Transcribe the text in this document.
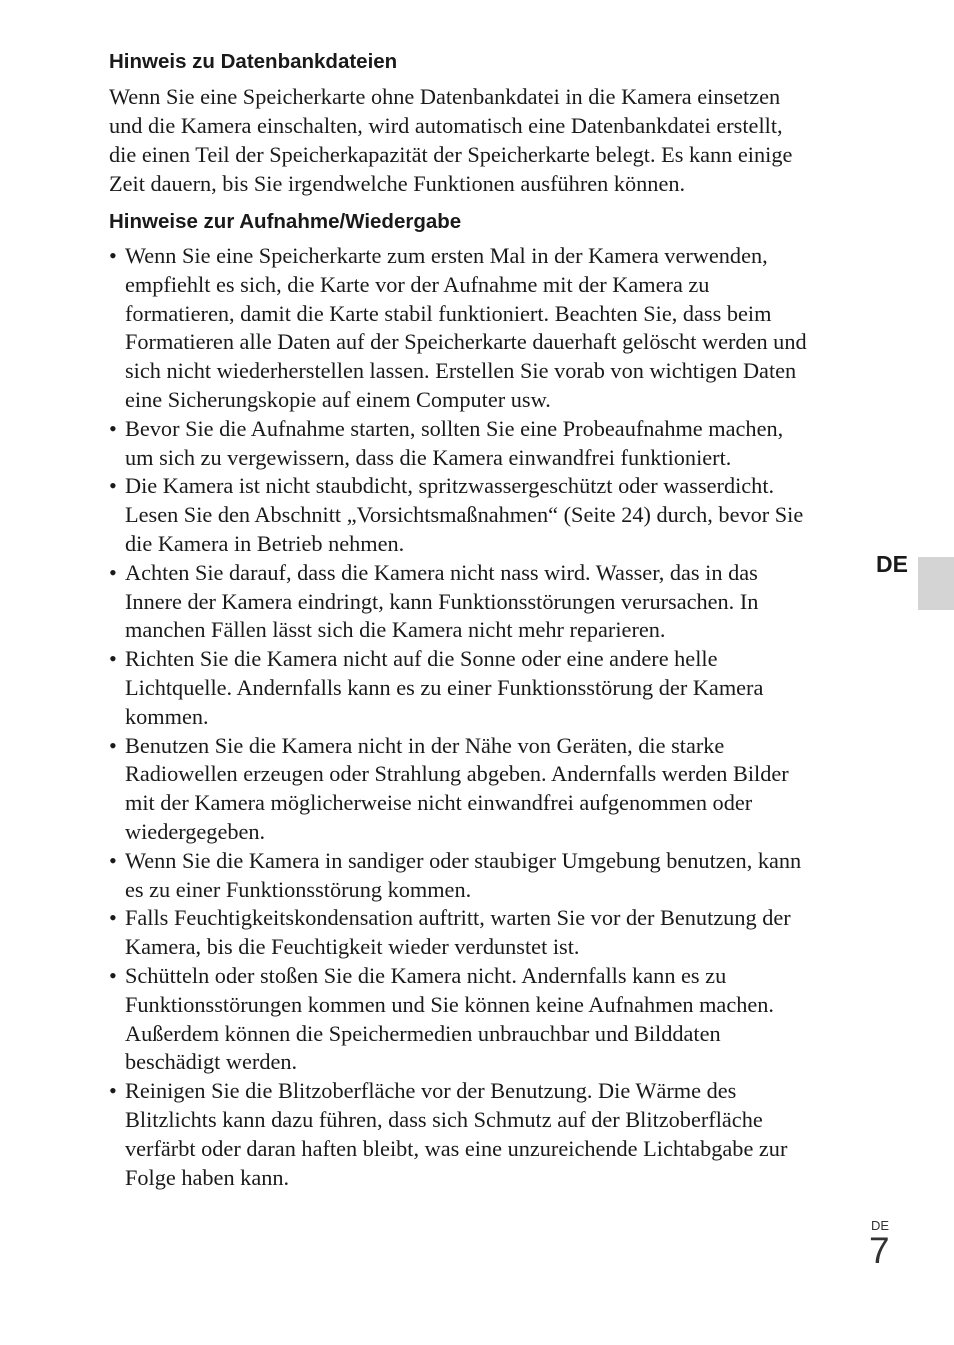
Hinweis zu Datenbankdateien
Wenn Sie eine Speicherkarte ohne Datenbankdatei in die Kamera einsetzen
und die Kamera einschalten, wird automatisch eine Datenbankdatei erstellt,
die einen Teil der Speicherkapazität der Speicherkarte belegt. Es kann einige
Zeit dauern, bis Sie irgendwelche Funktionen ausführen können.
Hinweise zur Aufnahme/Wiedergabe
• Wenn Sie eine Speicherkarte zum ersten Mal in der Kamera verwenden,
empfiehlt es sich, die Karte vor der Aufnahme mit der Kamera zu
formatieren, damit die Karte stabil funktioniert. Beachten Sie, dass beim
Formatieren alle Daten auf der Speicherkarte dauerhaft gelöscht werden und
sich nicht wiederherstellen lassen. Erstellen Sie vorab von wichtigen Daten
eine Sicherungskopie auf einem Computer usw.
• Bevor Sie die Aufnahme starten, sollten Sie eine Probeaufnahme machen,
um sich zu vergewissern, dass die Kamera einwandfrei funktioniert.
• Die Kamera ist nicht staubdicht, spritzwassergeschützt oder wasserdicht.
Lesen Sie den Abschnitt „Vorsichtsmaßnahmen“ (Seite 24) durch, bevor Sie
die Kamera in Betrieb nehmen.
• Achten Sie darauf, dass die Kamera nicht nass wird. Wasser, das in das
Innere der Kamera eindringt, kann Funktionsstörungen verursachen. In
manchen Fällen lässt sich die Kamera nicht mehr reparieren.
• Richten Sie die Kamera nicht auf die Sonne oder eine andere helle
Lichtquelle. Andernfalls kann es zu einer Funktionsstörung der Kamera
kommen.
• Benutzen Sie die Kamera nicht in der Nähe von Geräten, die starke
Radiowellen erzeugen oder Strahlung abgeben. Andernfalls werden Bilder
mit der Kamera möglicherweise nicht einwandfrei aufgenommen oder
wiedergegeben.
• Wenn Sie die Kamera in sandiger oder staubiger Umgebung benutzen, kann
es zu einer Funktionsstörung kommen.
• Falls Feuchtigkeitskondensation auftritt, warten Sie vor der Benutzung der
Kamera, bis die Feuchtigkeit wieder verdunstet ist.
• Schütteln oder stoßen Sie die Kamera nicht. Andernfalls kann es zu
Funktionsstörungen kommen und Sie können keine Aufnahmen machen.
Außerdem können die Speichermedien unbrauchbar und Bilddaten
beschädigt werden.
• Reinigen Sie die Blitzoberfläche vor der Benutzung. Die Wärme des
Blitzlichts kann dazu führen, dass sich Schmutz auf der Blitzoberfläche
verfärbt oder daran haften bleibt, was eine unzureichende Lichtabgabe zur
Folge haben kann.
DE
DE
7
